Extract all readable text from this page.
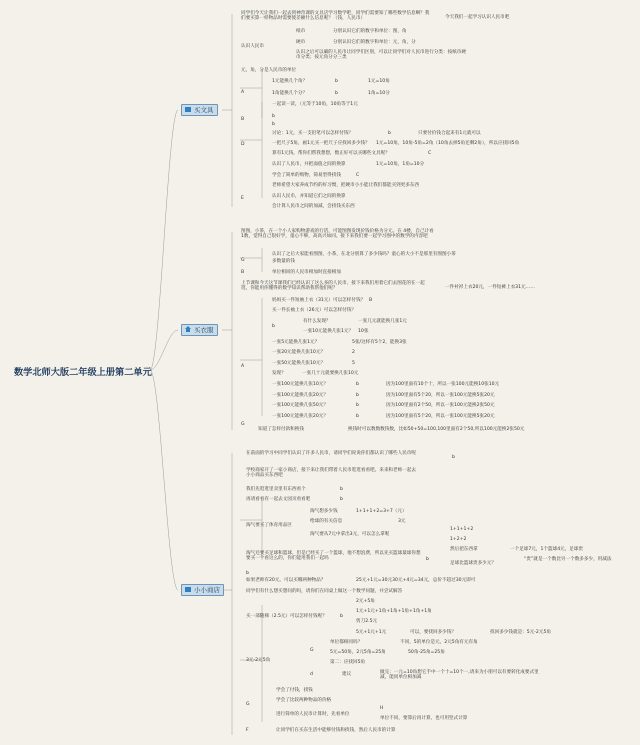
数学北师大版二年级上册第二单元
买文具
买衣服
小小商店
同学们今天让我们一起去到神奇课的文具店学习数学吧，同学们需要知了哪些数学信息啊？我们要买算一样物品时需要使差额什么信息呢？（钱，人民币）	今天我们一起学习认识人民币吧
认识人民币
纸币	分别认识它们的数字和单位：图，角
硬币	分别认识它们的数字和单位：元，角，分
认识之后可以确的人民币让同学们区别，可以让同学们对人民币进行分类：按纸币硬币分类；按元角分分三类
元，角，分是人民币的单位
A
1元能换几个角？	b	1元=10角
1角能换几个分？	b	1角=10分
B
一起读一读，（元等于10角，10角等于1元
b
b
讨论：1元，买一支铅笔可以怎样付钱？	b	只要付价钱合起来有1元就可以
D	一把尺子5角，画1元买一把尺子应找回多少钱？ 1元=10角，10角-5角=2角（10角去掉5角还剩2角），所以应找回5角
算有1元钱，帮你们帮我想想，数正好可以买哪些文具呢？	C
认识了人民币，并把面值之间的换算	1元=10角，1角=10分
学会了简单的购物，简易型得找钱	C
老师希望大家养成节约的好习惯，把硬币小小能让我们都能买到更多东西
认识人民币，并知道它们之间的换算
会计算人民币之间的加减，会找钱买东西
E
图图，小茶，在一个小人家购物游戏的行活，可能图图发现价钱价格为分元。在 4楼，自己计看1数，觉得自己很好学，童心不够，高高兴如同。接下来我们要一起学习图中的数学的内容吧
G
认识了之后大家能看图图，小茶，在北分别算了多少钱吗？童心的大小不是那里有图图小茶
多数量的钱
B	单位相同的人民币相加时直接相加
上节课和今天这节课我们已经认识了这么多的人民币，接下来我们用着它们去图花的在一起逛，你能用你懂得的数学知识帮助我帮他们呢？	一件衬衫上衣20元，一件短裤上衣31元……
妈妈买一件短袖上衣（31元）可以怎样付钱？ B
买一件长袖上衣（26元）可以怎样付钱？
b
有什么发现？	一张几元就能换几张1元
一张10元能换几张1元？ 10张
一张5元能换几张1元？	5张/这样有5个2，能换3张
一张20元能换几张10元？	2
一张50元能换几张10元？	5
A
发现？	一张几十元就要换几张10元
一张100元能换几张10元？	b	因为100里面有10个十，所以一张100元能换10张10元
一张100元能换几张20元？	b	因为100里面有5个20，所以一张100元能换5张20元
一张100元能换几张50元？	b	因为100里面有2个50，所以一张100元能换2张50元
一张100元能换几张20元？	b	因为100里面有5个20，所以一张100元能换5张20元
G
知道了怎样付款和换钱	换钱时可以数数数钱数，比如50+50=100,100里面有2个50,所以100元能换2张50元
在前面的学习中同学们认识了许多人民币，请同学们说说你们都认识了哪些人民币呢
b
学校商家开了一家小商店，接下来让我们带着人民币逛逛看看吧。来来和老师一起去小小商品买东西吧
我们先逛逛里卖里有东西看个	b
再请看看有一起去文园页看看吧	b
淘气想多少钱	1+1+1+2=3+7（元）
给球的有关信息	3元
淘气要买了体育用品区
淘气要从7元中拿出3元，可以怎么拿呢
1+1+1+2
1+2+2
淘气还要买足球和篮球，但是已经买了一个篮球，他不想浪费，所以先买篮球最球你想要买一个看这么的，你们能用我们一起吗	b
然后把东西拿	一个足球7元，1个篮球4元，足球贵
“贵”就是一个数比另一个数多多少，用减法
足球比篮球贵多少元？
b
如果老师有20元，可以买哪两种物品？	25元+1元=30元30元+4元=34元，总价不超过30元即可
同学们有什么想买想问的吗，请你们在同桌上做这一个数学问题，并尝试解答
2元+5角
买一部随梯（2.5元）可以怎样付钱呢？	b
1元+1元+1角+1角+1角+1角+1角
剪刀2.5元
5元+1元+1元	可以，要找回多少钱？	找回多少钱就是：5元-2元5角
单位都相同吗？	不同，5的单位是元，2元5角有元有角
G	5元=50角，2元5角=25角	50角-25角=25角
第二：应找回5角
3元-2元5角
d	建议	做完：一元=10角想它手中一个十=10个一,请来为小朋可以有要转化成要式里减，能同单位相加减
学会了付钱，找钱
学会了比较两种物品的价格
G
进行简单的人民币计算时，先看单位
H
单位不同，要算后再计算，也可用竖式计算
F	让同学们在买东生活中能够付钱和找钱，然后人民币的计算
